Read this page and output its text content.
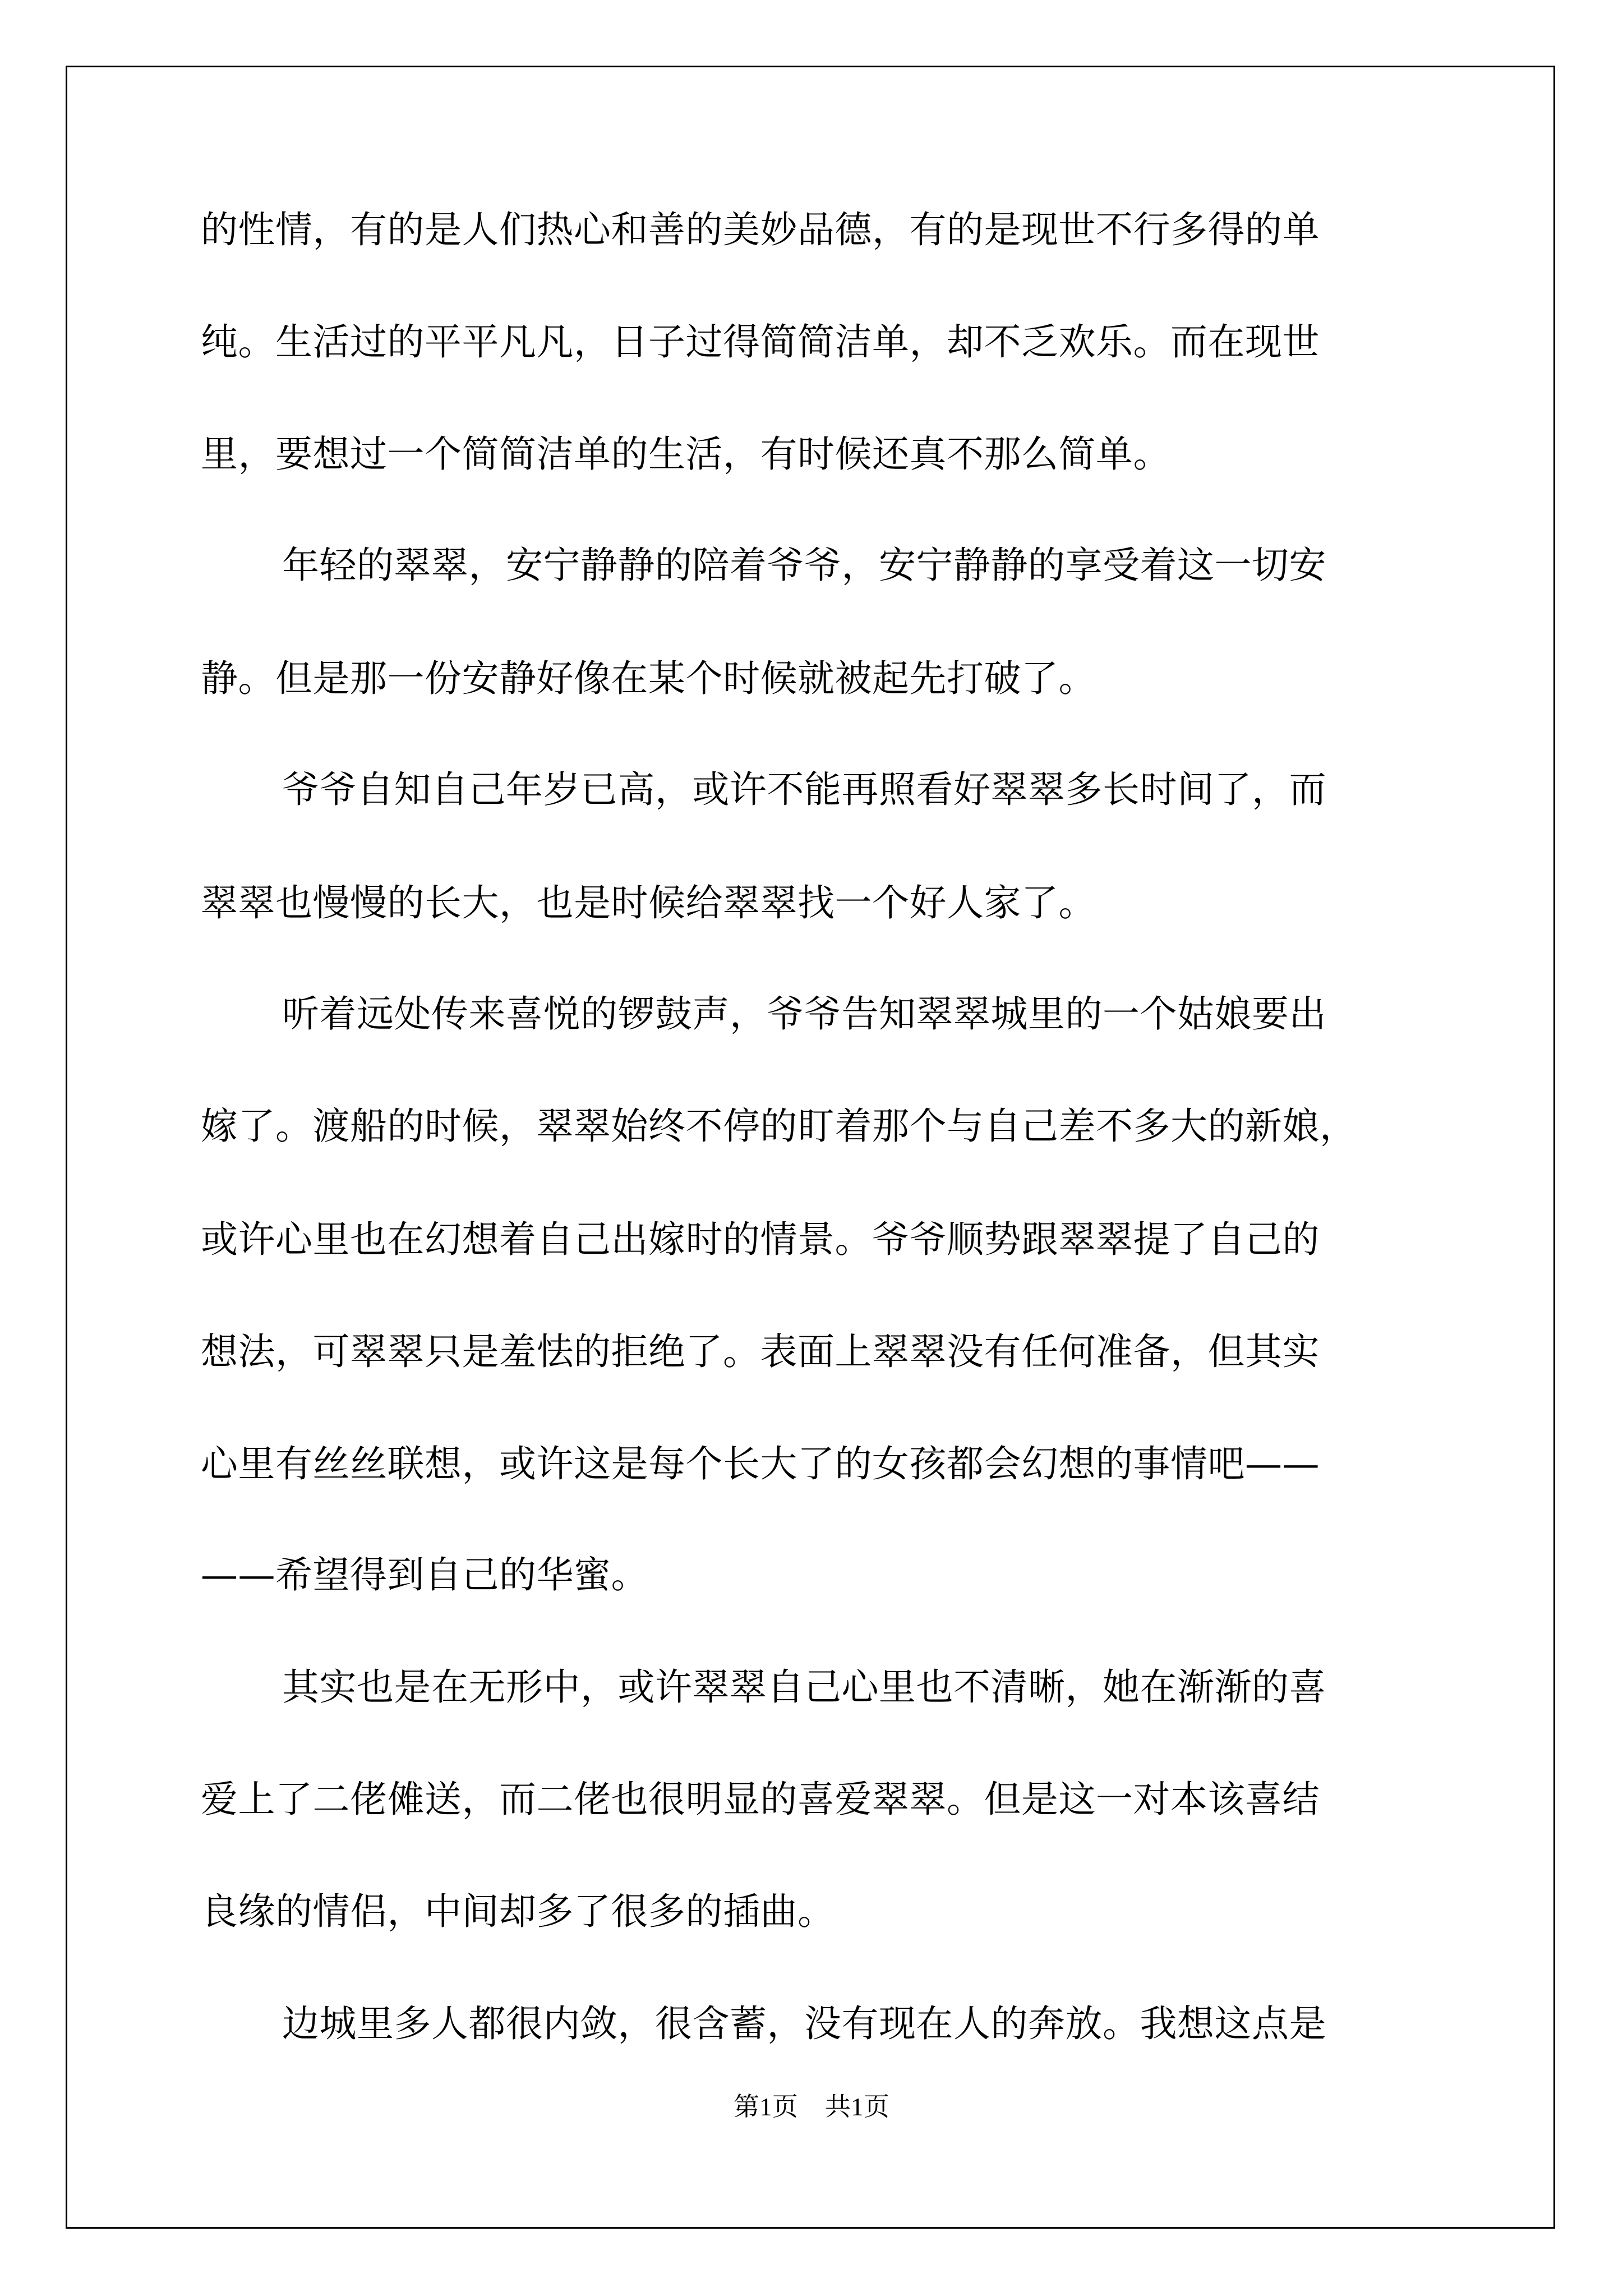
的性情，有的是人们热心和善的美妙品德，有的是现世不行多得的单
纯。生活过的平平凡凡，日子过得简简洁单，却不乏欢乐。而在现世
里，要想过一个简简洁单的生活，有时候还真不那么简单。
年轻的翠翠，安宁静静的陪着爷爷，安宁静静的享受着这一切安
静。但是那一份安静好像在某个时候就被起先打破了。
爷爷自知自己年岁已高，或许不能再照看好翠翠多长时间了，而
翠翠也慢慢的长大，也是时候给翠翠找一个好人家了。
听着远处传来喜悦的锣鼓声，爷爷告知翠翠城里的一个姑娘要出
嫁了。渡船的时候，翠翠始终不停的盯着那个与自己差不多大的新娘，
或许心里也在幻想着自己出嫁时的情景。爷爷顺势跟翠翠提了自己的
想法，可翠翠只是羞怯的拒绝了。表面上翠翠没有任何准备，但其实
心里有丝丝联想，或许这是每个长大了的女孩都会幻想的事情吧——
——希望得到自己的华蜜。
其实也是在无形中，或许翠翠自己心里也不清晰，她在渐渐的喜
爱上了二佬傩送，而二佬也很明显的喜爱翠翠。但是这一对本该喜结
良缘的情侣，中间却多了很多的插曲。
边城里多人都很内敛，很含蓄，没有现在人的奔放。我想这点是
第1页 共1页
